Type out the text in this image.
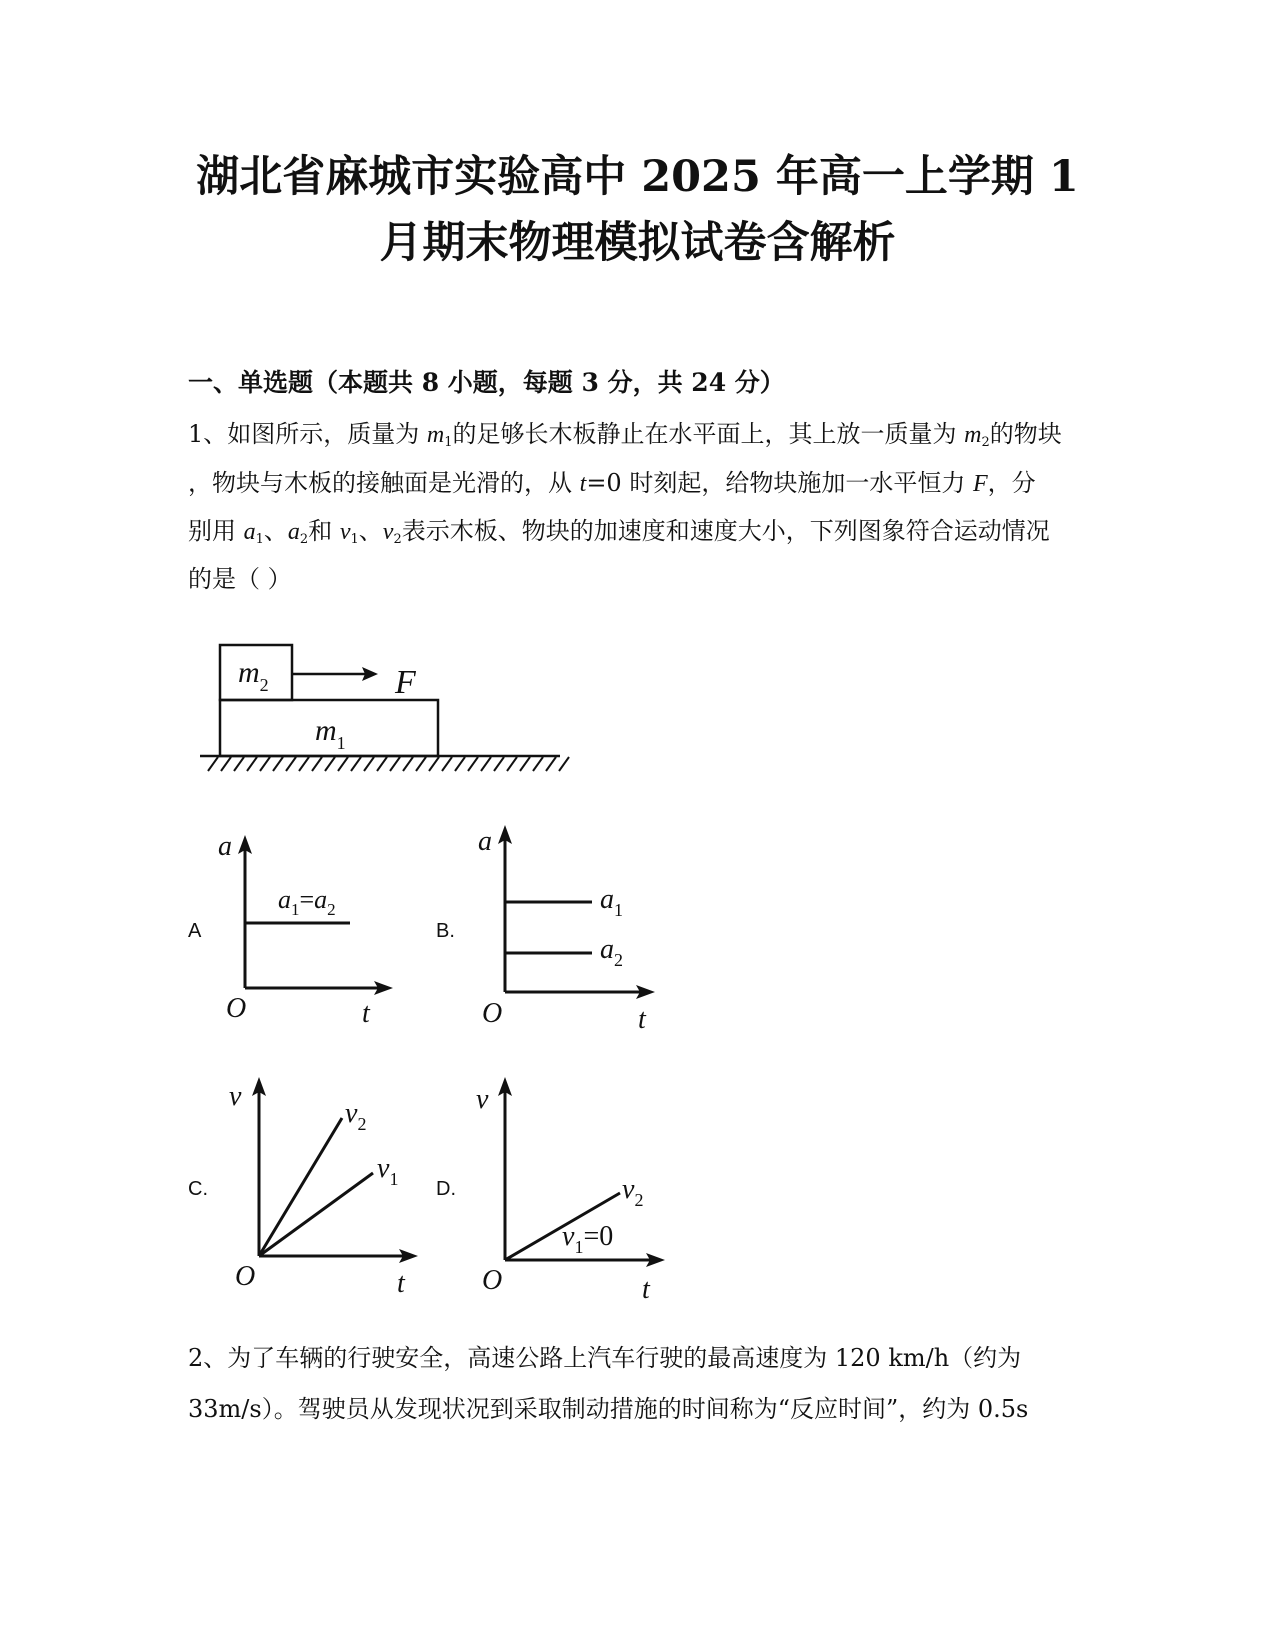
湖北省麻城市实验高中 2025 年高一上学期 1
月期末物理模拟试卷含解析
一、单选题（本题共 8 小题，每题 3 分，共 24 分）
1、如图所示，质量为 $m_1$的足够长木板静止在水平面上，其上放一质量为 $m_2$的物块
，物块与木板的接触面是光滑的，从 t=0 时刻起，给物块施加一水平恒力 F，分
别用 $a_1$、$a_2$和 $v_1$、$v_2$表示木板、物块的加速度和速度大小，下列图象符合运动情况
的是（ ）
$m_2$	F
$m_1$
A
a
t
O
$a_1=a_2$
B.
a
t
O
$a_1$
$a_2$
C.
v
t
O
$v_2$
$v_1$ D.
v
t
O
$v_2$
$v_1=0$
2、为了车辆的行驶安全，高速公路上汽车行驶的最高速度为 120 km/h（约为
33m/s）。驾驶员从发现状况到采取制动措施的时间称为“反应时间”，约为 0.5s
